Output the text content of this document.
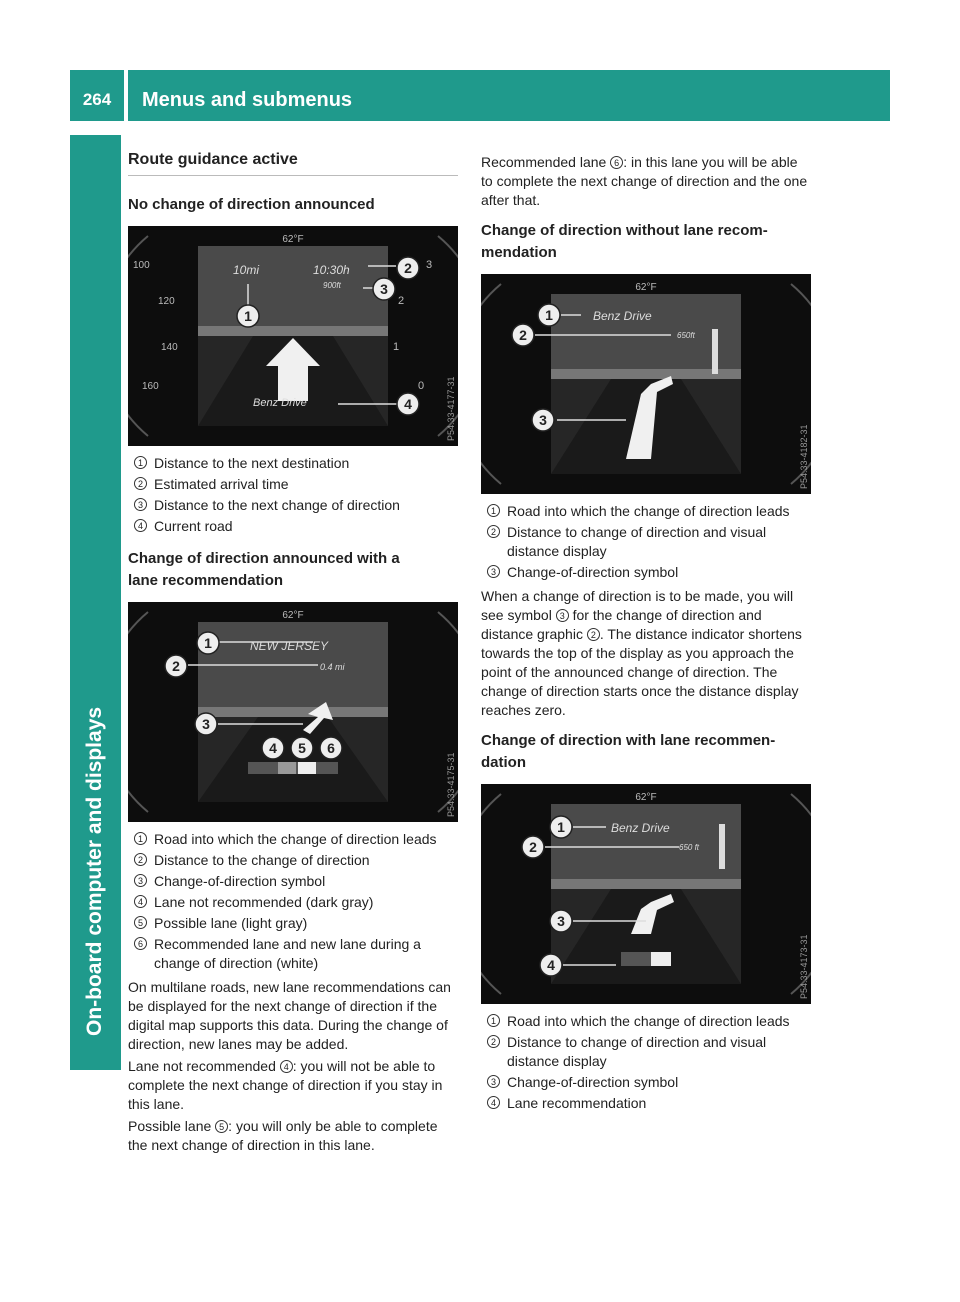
264	Menus and submenus
On-board computer and displays
Route guidance active
No change of direction announced
62°F
10mi	10:30h
900ft
Benz Drive
100
120
140
160
3
2
1
0 P54.33-4177-31
1
2
3
4
1 Distance to the next destination
2 Estimated arrival time
3 Distance to the next change of direction
4 Current road
Change of direction announced with a
lane recommendation
62°F
NEW JERSEY
0.4 mi
P54.33-4175-31
1
2
3
4 5 6
1 Road into which the change of direction leads
2 Distance to the change of direction
3 Change-of-direction symbol
4 Lane not recommended (dark gray)
5 Possible lane (light gray)
6 Recommended lane and new lane during a change of direction (white)

On multilane roads, new lane recommendations can be displayed for the next change of direction if the digital map supports this data. During the change of direction, new lanes may be added.

Lane not recommended 4 : you will not be able to complete the next change of direction if you stay in this lane.

Possible lane 5 : you will only be able to complete the next change of direction in this lane.

Recommended lane 6 : in this lane you will be able to complete the next change of direction and the one after that.

Change of direction without lane recom-
mendation
62°F
Benz Drive
650ft
P54.33-4182-31
1
2
3
1 Road into which the change of direction leads
2 Distance to change of direction and visual distance display
3 Change-of-direction symbol

When a change of direction is to be made, you will see symbol 3 for the change of direction and distance graphic 2 . The distance indicator shortens towards the top of the display as you approach the point of the announced change of direction. The change of direction starts once the distance display reaches zero.

Change of direction with lane recommen-
dation
62°F
Benz Drive
650 ft
P54.33-4173-31
1
2
3
4
1 Road into which the change of direction leads
2 Distance to change of direction and visual distance display
3 Change-of-direction symbol
4 Lane recommendation
